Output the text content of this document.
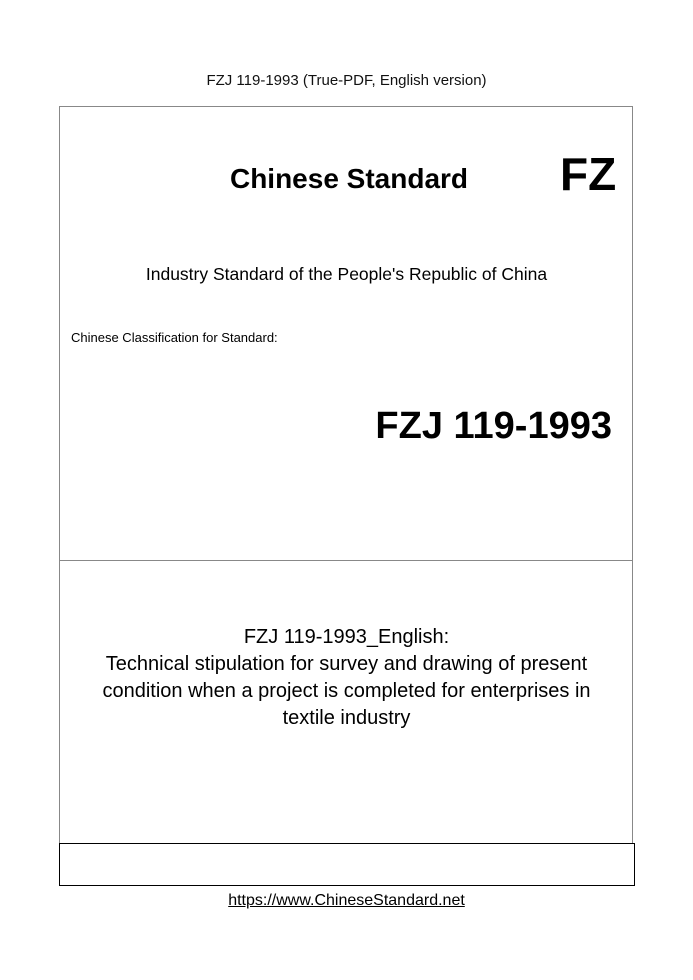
FZJ 119-1993 (True-PDF, English version)
Chinese Standard	FZ
Industry Standard of the People's Republic of China
Chinese Classification for Standard:
FZJ 119-1993
FZJ 119-1993_English:
Technical stipulation for survey and drawing of present
condition when a project is completed for enterprises in
textile industry
https://www.ChineseStandard.net
